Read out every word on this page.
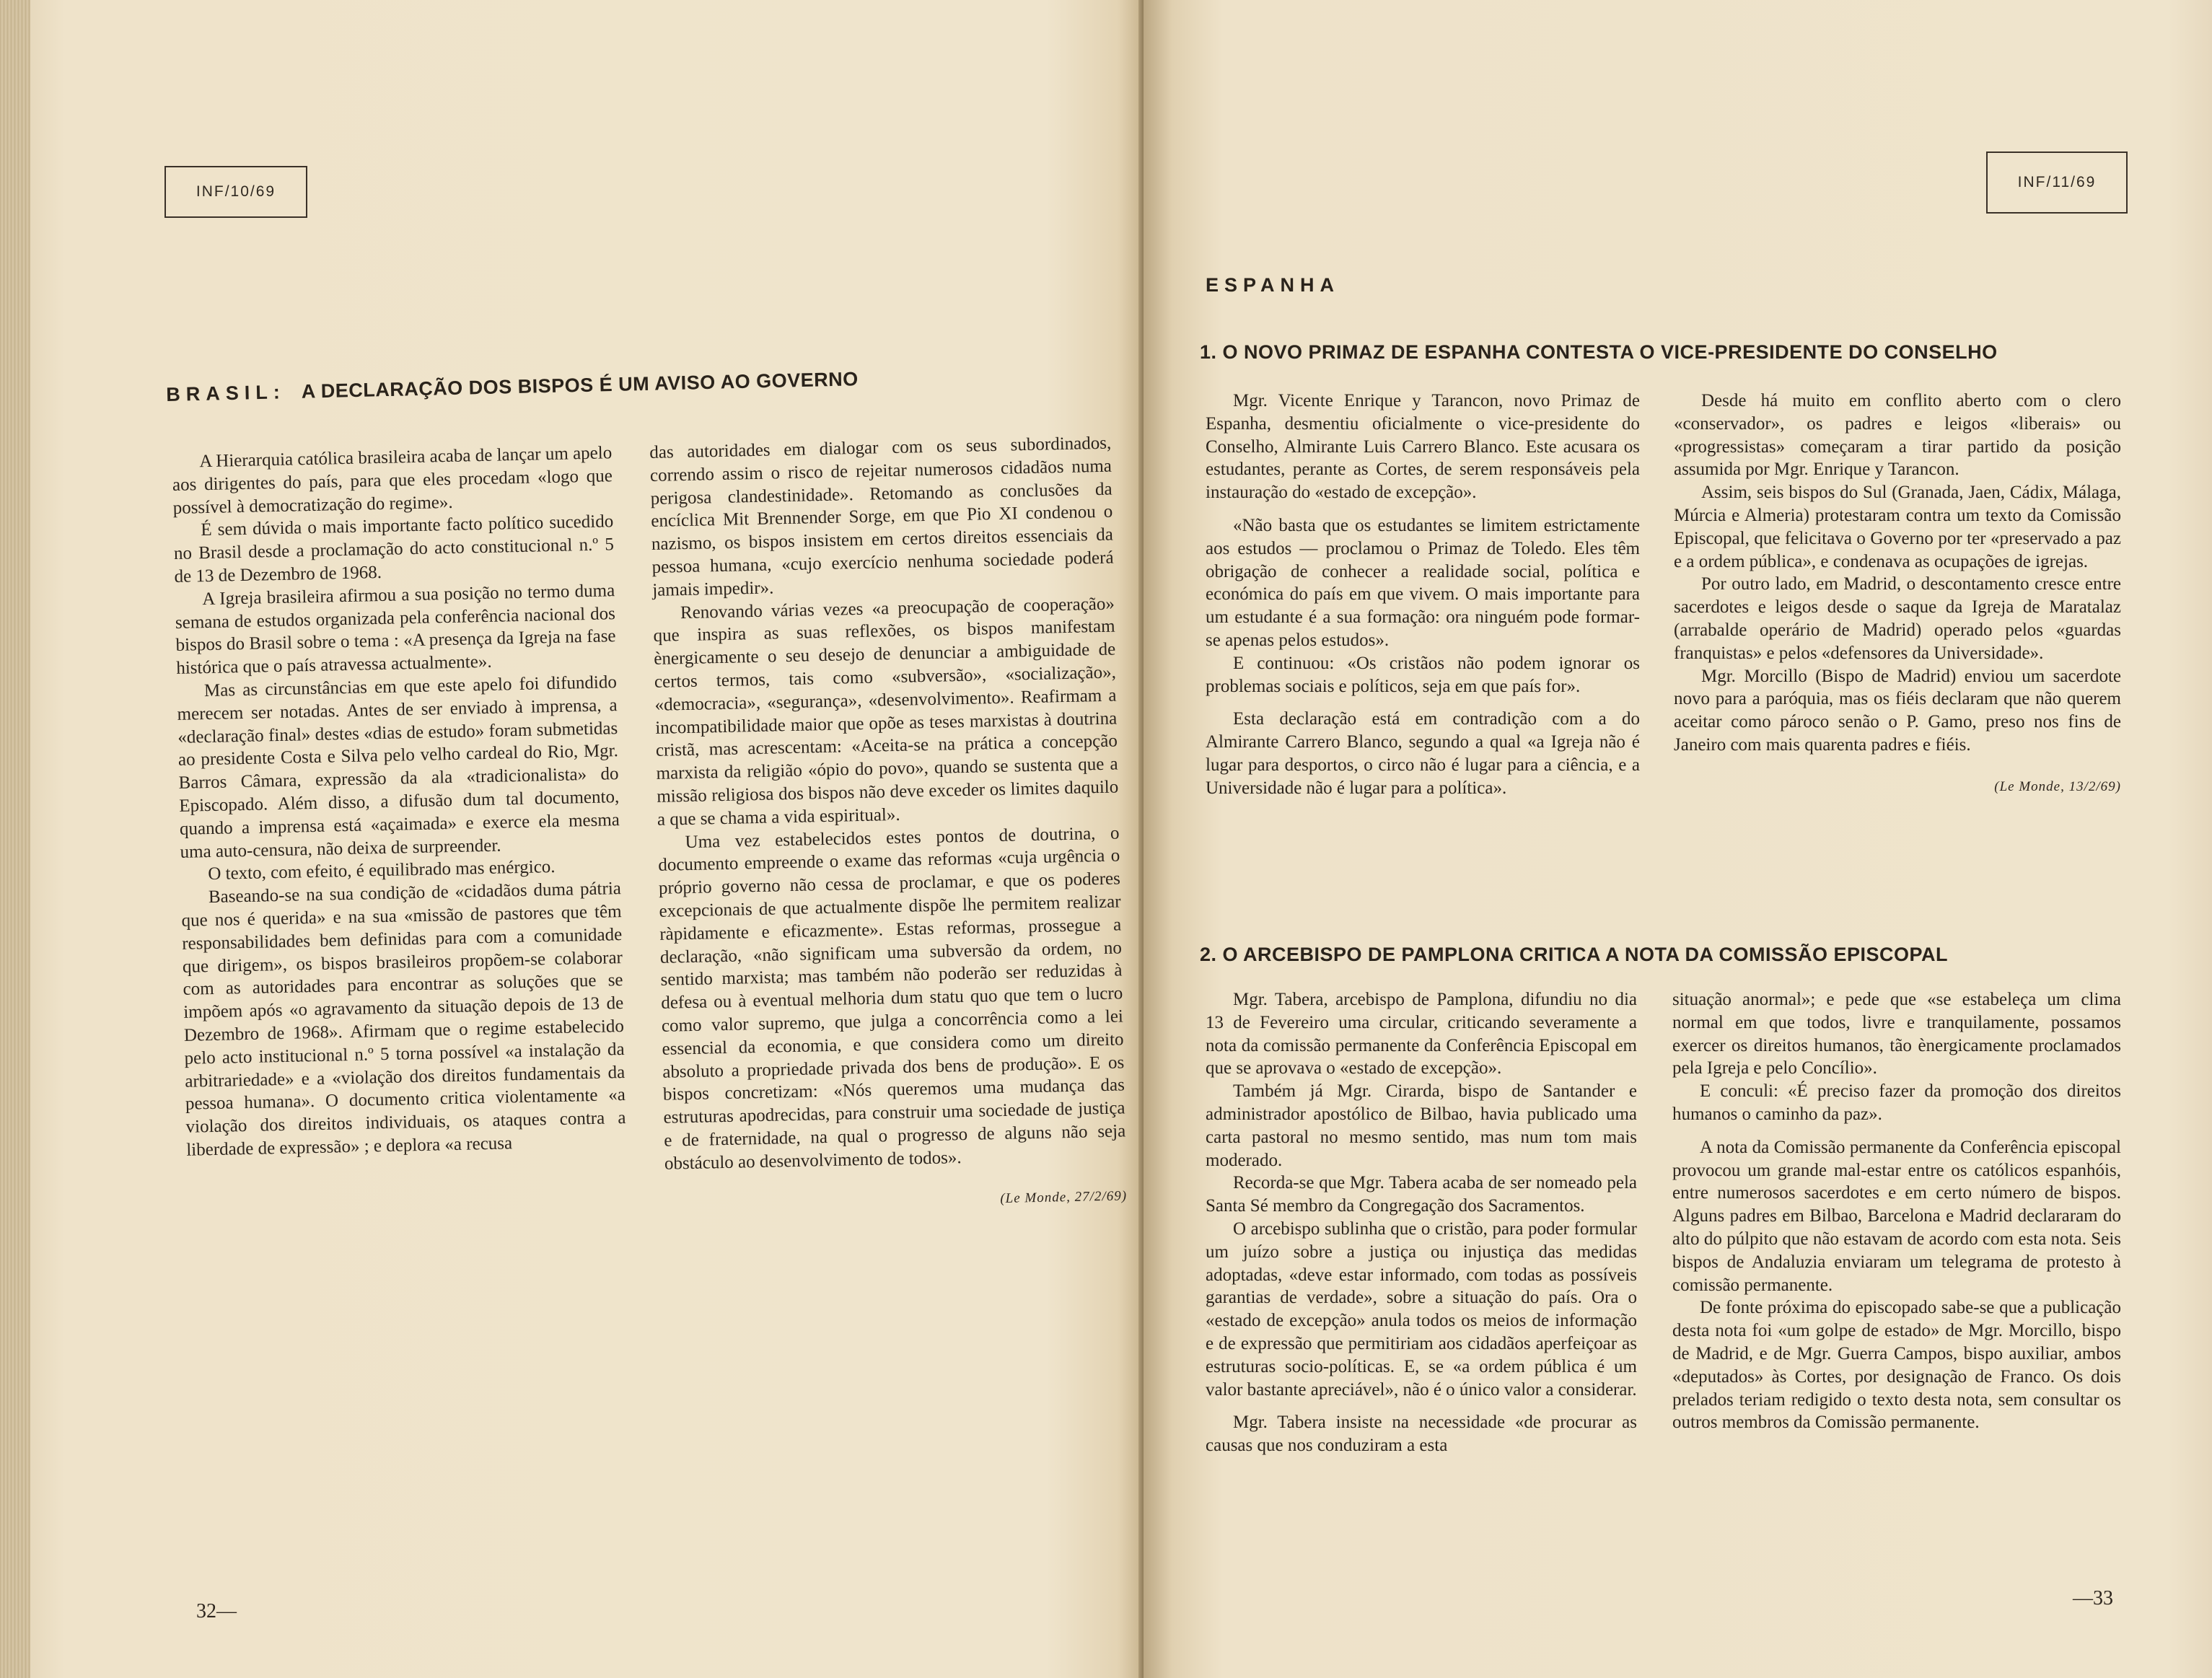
INF/10/69
BRASIL: A DECLARAÇÃO DOS BISPOS É UM AVISO AO GOVERNO

A Hierarquia católica brasileira acaba de lançar um apelo aos dirigentes do país, para que eles procedam «logo que possível à democratização do regime».

É sem dúvida o mais importante facto político sucedido no Brasil desde a proclamação do acto constitucional n.º 5 de 13 de Dezembro de 1968.

A Igreja brasileira afirmou a sua posição no termo duma semana de estudos organizada pela conferência nacional dos bispos do Brasil sobre o tema : «A presença da Igreja na fase histórica que o país atravessa actualmente».

Mas as circunstâncias em que este apelo foi difundido merecem ser notadas. Antes de ser enviado à imprensa, a «declaração final» destes «dias de estudo» foram submetidas ao presidente Costa e Silva pelo velho cardeal do Rio, Mgr. Barros Câmara, expressão da ala «tradicionalista» do Episcopado. Além disso, a difusão dum tal documento, quando a imprensa está «açaimada» e exerce ela mesma uma auto-censura, não deixa de surpreender.

O texto, com efeito, é equilibrado mas enérgico.

Baseando-se na sua condição de «cidadãos duma pátria que nos é querida» e na sua «missão de pastores que têm responsabilidades bem definidas para com a comunidade que dirigem», os bispos brasileiros propõem-se colaborar com as autoridades para encontrar as soluções que se impõem após «o agravamento da situação depois de 13 de Dezembro de 1968». Afirmam que o regime estabelecido pelo acto institucional n.º 5 torna possível «a instalação da arbitrariedade» e a «violação dos direitos fundamentais da pessoa humana». O documento critica violentamente «a violação dos direitos individuais, os ataques contra a liberdade de expressão» ; e deplora «a recusa

das autoridades em dialogar com os seus subordinados, correndo assim o risco de rejeitar numerosos cidadãos numa perigosa clandestinidade». Retomando as conclusões da encíclica Mit Brennender Sorge, em que Pio XI condenou o nazismo, os bispos insistem em certos direitos essenciais da pessoa humana, «cujo exercício nenhuma sociedade poderá jamais impedir».

Renovando várias vezes «a preocupação de cooperação» que inspira as suas reflexões, os bispos manifestam ènergicamente o seu desejo de denunciar a ambiguidade de certos termos, tais como «subversão», «socialização», «democracia», «segurança», «desenvolvimento». Reafirmam a incompatibilidade maior que opõe as teses marxistas à doutrina cristã, mas acrescentam: «Aceita-se na prática a concepção marxista da religião «ópio do povo», quando se sustenta que a missão religiosa dos bispos não deve exceder os limites daquilo a que se chama a vida espiritual».

Uma vez estabelecidos estes pontos de doutrina, o documento empreende o exame das reformas «cuja urgência o próprio governo não cessa de proclamar, e que os poderes excepcionais de que actualmente dispõe lhe permitem realizar ràpidamente e eficazmente». Estas reformas, prossegue a declaração, «não significam uma subversão da ordem, no sentido marxista; mas também não poderão ser reduzidas à defesa ou à eventual melhoria dum statu quo que tem o lucro como valor supremo, que julga a concorrência como a lei essencial da economia, e que considera como um direito absoluto a propriedade privada dos bens de produção». E os bispos concretizam: «Nós queremos uma mudança das estruturas apodrecidas, para construir uma sociedade de justiça e de fraternidade, na qual o progresso de alguns não seja obstáculo ao desenvolvimento de todos».

(Le Monde, 27/2/69)
32—
INF/11/69
ESPANHA
1. O NOVO PRIMAZ DE ESPANHA CONTESTA O VICE-PRESIDENTE DO CONSELHO

Mgr. Vicente Enrique y Tarancon, novo Primaz de Espanha, desmentiu oficialmente o vice-presidente do Conselho, Almirante Luis Carrero Blanco. Este acusara os estudantes, perante as Cortes, de serem responsáveis pela instauração do «estado de excepção».

«Não basta que os estudantes se limitem estrictamente aos estudos — proclamou o Primaz de Toledo. Eles têm obrigação de conhecer a realidade social, política e económica do país em que vivem. O mais importante para um estudante é a sua formação: ora ninguém pode formar-se apenas pelos estudos».

E continuou: «Os cristãos não podem ignorar os problemas sociais e políticos, seja em que país for».

Esta declaração está em contradição com a do Almirante Carrero Blanco, segundo a qual «a Igreja não é lugar para desportos, o circo não é lugar para a ciência, e a Universidade não é lugar para a política».

Desde há muito em conflito aberto com o clero «conservador», os padres e leigos «liberais» ou «progressistas» começaram a tirar partido da posição assumida por Mgr. Enrique y Tarancon.

Assim, seis bispos do Sul (Granada, Jaen, Cádix, Málaga, Múrcia e Almeria) protestaram contra um texto da Comissão Episcopal, que felicitava o Governo por ter «preservado a paz e a ordem pública», e condenava as ocupações de igrejas.

Por outro lado, em Madrid, o descontamento cresce entre sacerdotes e leigos desde o saque da Igreja de Maratalaz (arrabalde operário de Madrid) operado pelos «guardas franquistas» e pelos «defensores da Universidade».

Mgr. Morcillo (Bispo de Madrid) enviou um sacerdote novo para a paróquia, mas os fiéis declaram que não querem aceitar como pároco senão o P. Gamo, preso nos fins de Janeiro com mais quarenta padres e fiéis.

(Le Monde, 13/2/69)
2. O ARCEBISPO DE PAMPLONA CRITICA A NOTA DA COMISSÃO EPISCOPAL

Mgr. Tabera, arcebispo de Pamplona, difundiu no dia 13 de Fevereiro uma circular, criticando severamente a nota da comissão permanente da Conferência Episcopal em que se aprovava o «estado de excepção».

Também já Mgr. Cirarda, bispo de Santander e administrador apostólico de Bilbao, havia publicado uma carta pastoral no mesmo sentido, mas num tom mais moderado.

Recorda-se que Mgr. Tabera acaba de ser nomeado pela Santa Sé membro da Congregação dos Sacramentos.

O arcebispo sublinha que o cristão, para poder formular um juízo sobre a justiça ou injustiça das medidas adoptadas, «deve estar informado, com todas as possíveis garantias de verdade», sobre a situação do país. Ora o «estado de excepção» anula todos os meios de informação e de expressão que permitiriam aos cidadãos aperfeiçoar as estruturas socio-políticas. E, se «a ordem pública é um valor bastante apreciável», não é o único valor a considerar.

Mgr. Tabera insiste na necessidade «de procurar as causas que nos conduziram a esta

situação anormal»; e pede que «se estabeleça um clima normal em que todos, livre e tranquilamente, possamos exercer os direitos humanos, tão ènergicamente proclamados pela Igreja e pelo Concílio».

E conculi: «É preciso fazer da promoção dos direitos humanos o caminho da paz».

A nota da Comissão permanente da Conferência episcopal provocou um grande mal-estar entre os católicos espanhóis, entre numerosos sacerdotes e em certo número de bispos. Alguns padres em Bilbao, Barcelona e Madrid declararam do alto do púlpito que não estavam de acordo com esta nota. Seis bispos de Andaluzia enviaram um telegrama de protesto à comissão permanente.

De fonte próxima do episcopado sabe-se que a publicação desta nota foi «um golpe de estado» de Mgr. Morcillo, bispo de Madrid, e de Mgr. Guerra Campos, bispo auxiliar, ambos «deputados» às Cortes, por designação de Franco. Os dois prelados teriam redigido o texto desta nota, sem consultar os outros membros da Comissão permanente.

—33
